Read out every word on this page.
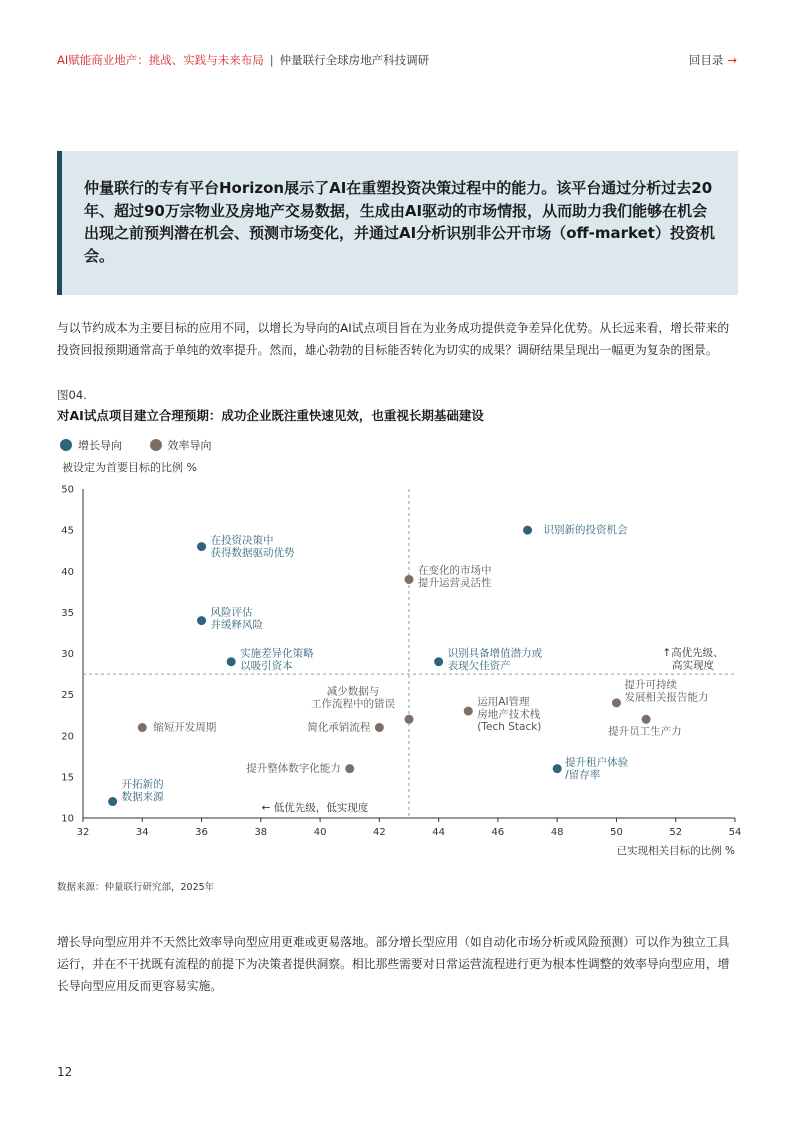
AI赋能商业地产：挑战、实践与未来布局 | 仲量联行全球房地产科技调研	回目录 →

仲量联行的专有平台Horizon展示了AI在重塑投资决策过程中的能力。该平台通过分析过去20年、超过90万宗物业及房地产交易数据，生成由AI驱动的市场情报，从而助力我们能够在机会出现之前预判潜在机会、预测市场变化，并通过AI分析识别非公开市场（off-market）投资机会。

与以节约成本为主要目标的应用不同，以增长为导向的AI试点项目旨在为业务成功提供竞争差异化优势。从长远来看，增长带来的投资回报预期通常高于单纯的效率提升。然而，雄心勃勃的目标能否转化为切实的成果？调研结果呈现出一幅更为复杂的图景。

图04.
对AI试点项目建立合理预期：成功企业既注重快速见效，也重视长期基础建设
增长导向	效率导向
被设定为首要目标的比例 %
32	34	36	38	40	42	44	46	48	50	52	54
10
15
20
25
30
35
40
45
50
↑高优先级、高实现度
← 低优先级，低实现度
已实现相关目标的比例 %
识别新的投资机会
在投资决策中获得数据驱动优势
风险评估并缓释风险
实施差异化策略以吸引资本
识别具备增值潜力或表现欠佳资产
提升租户体验/留存率
开拓新的数据来源
在变化的市场中提升运营灵活性
减少数据与工作流程中的错误	运用AI管理房地产技术栈(Tech Stack)
简化承销流程
缩短开发周期
提升整体数字化能力
提升可持续发展相关报告能力
提升员工生产力
数据来源：仲量联行研究部，2025年

增长导向型应用并不天然比效率导向型应用更难或更易落地。部分增长型应用（如自动化市场分析或风险预测）可以作为独立工具运行，并在不干扰既有流程的前提下为决策者提供洞察。相比那些需要对日常运营流程进行更为根本性调整的效率导向型应用，增长导向型应用反而更容易实施。

12
